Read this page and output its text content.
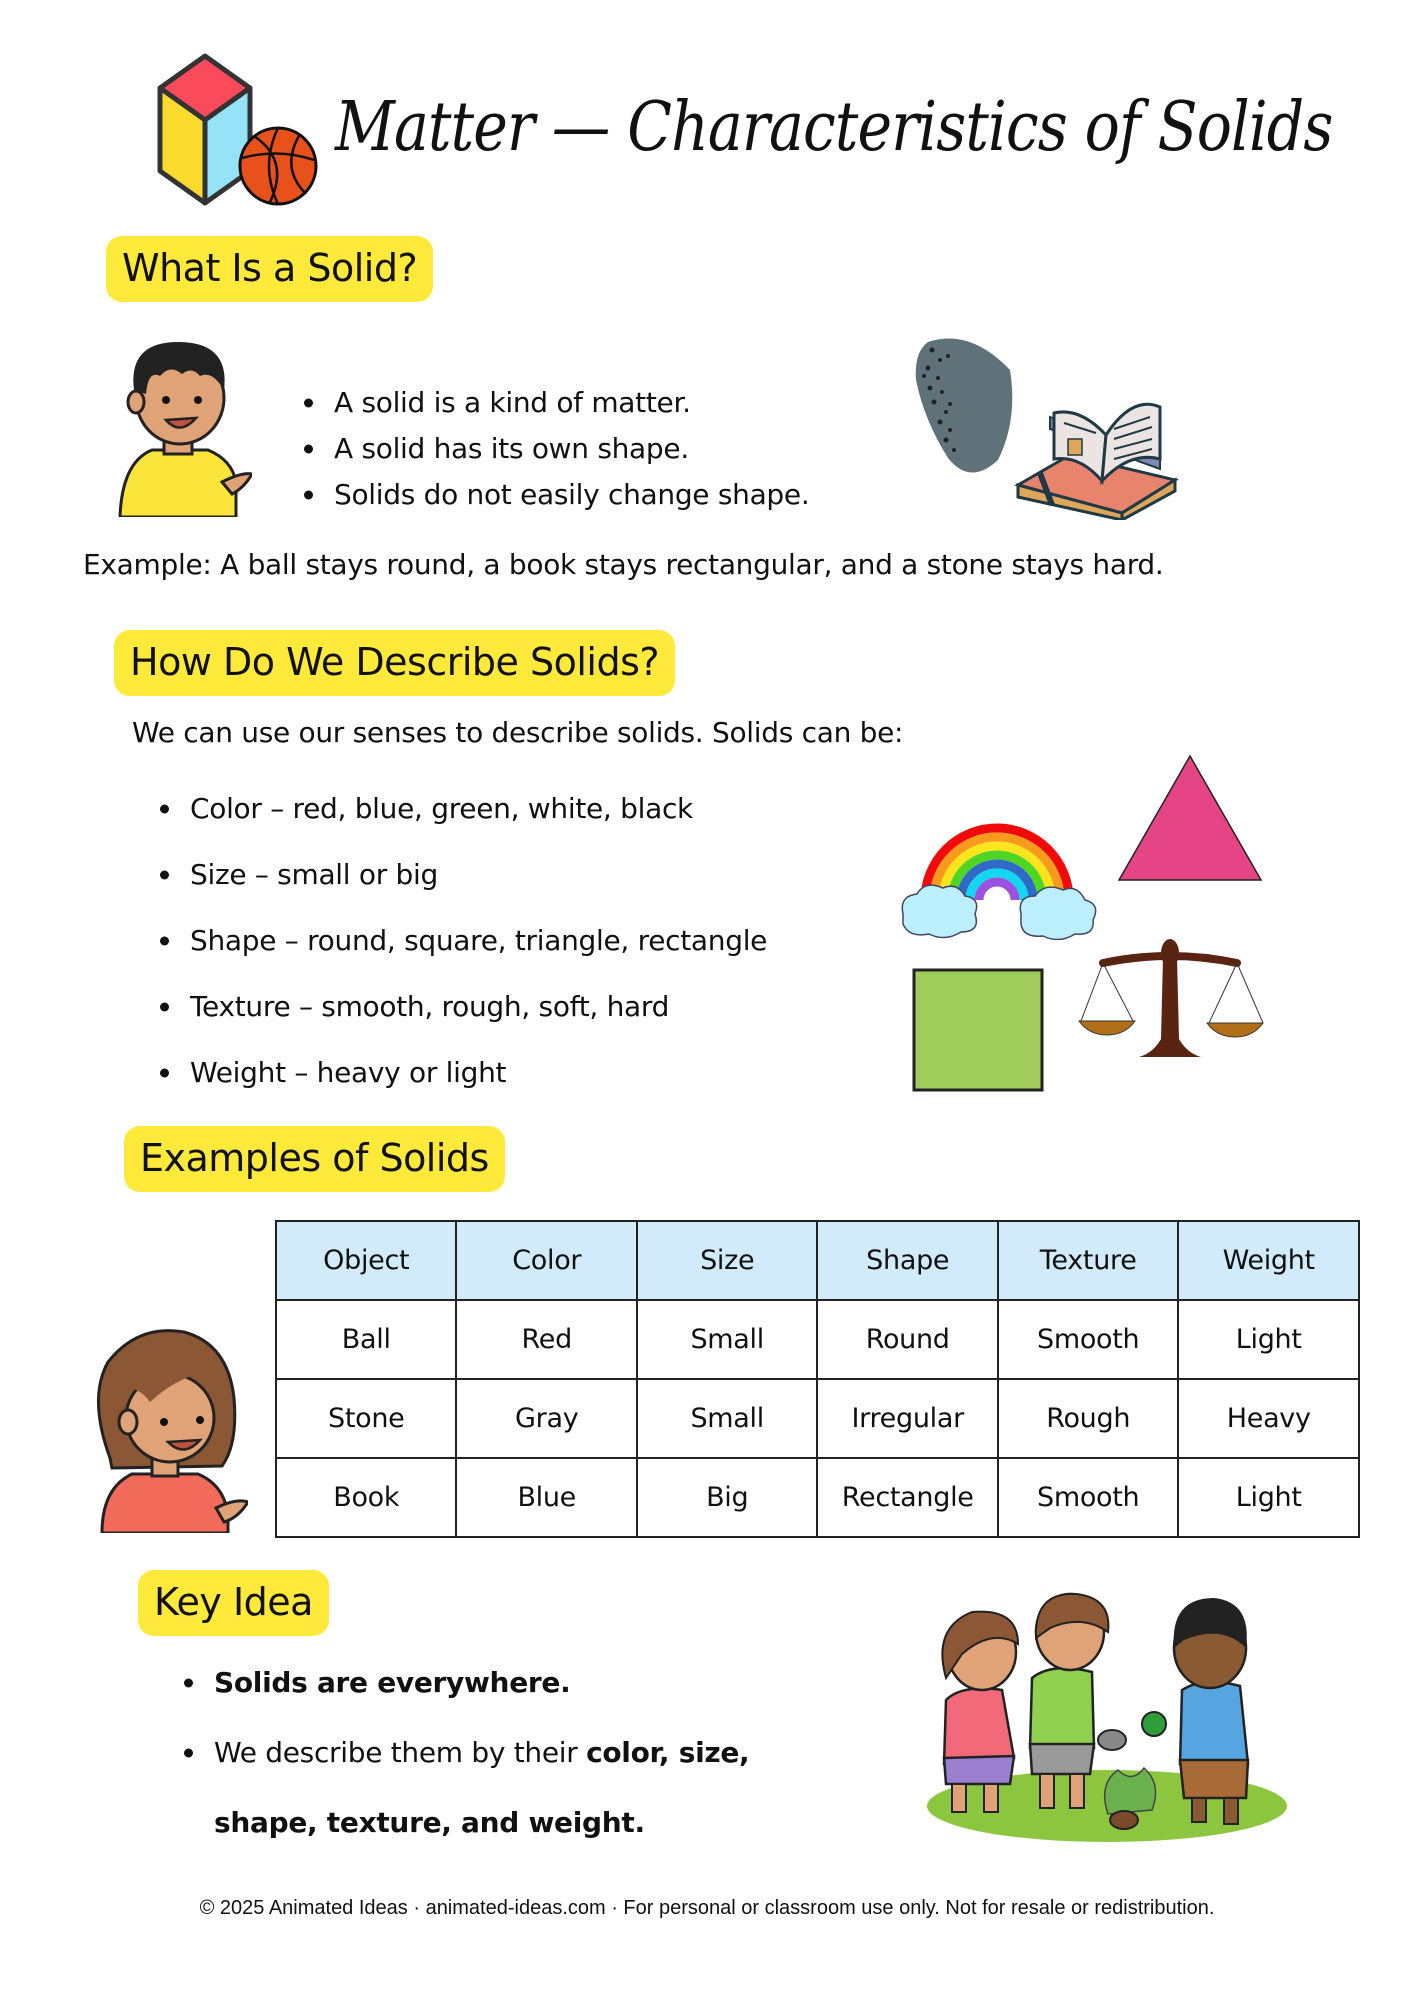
Matter — Characteristics of Solids
What Is a Solid?
A solid is a kind of matter.
A solid has its own shape.
Solids do not easily change shape.
Example: A ball stays round, a book stays rectangular, and a stone stays hard.
How Do We Describe Solids?
We can use our senses to describe solids. Solids can be:
Color – red, blue, green, white, black
Size – small or big
Shape – round, square, triangle, rectangle
Texture – smooth, rough, soft, hard
Weight – heavy or light
Examples of Solids
Object	Color	Size	Shape	Texture	Weight
Ball	Red	Small	Round	Smooth	Light
Stone	Gray	Small	Irregular	Rough	Heavy
Book	Blue	Big	Rectangle	Smooth	Light
Key Idea
Solids are everywhere.
We describe them by their color, size,
shape, texture, and weight.
© 2025 Animated Ideas · animated-ideas.com · For personal or classroom use only. Not for resale or redistribution.
